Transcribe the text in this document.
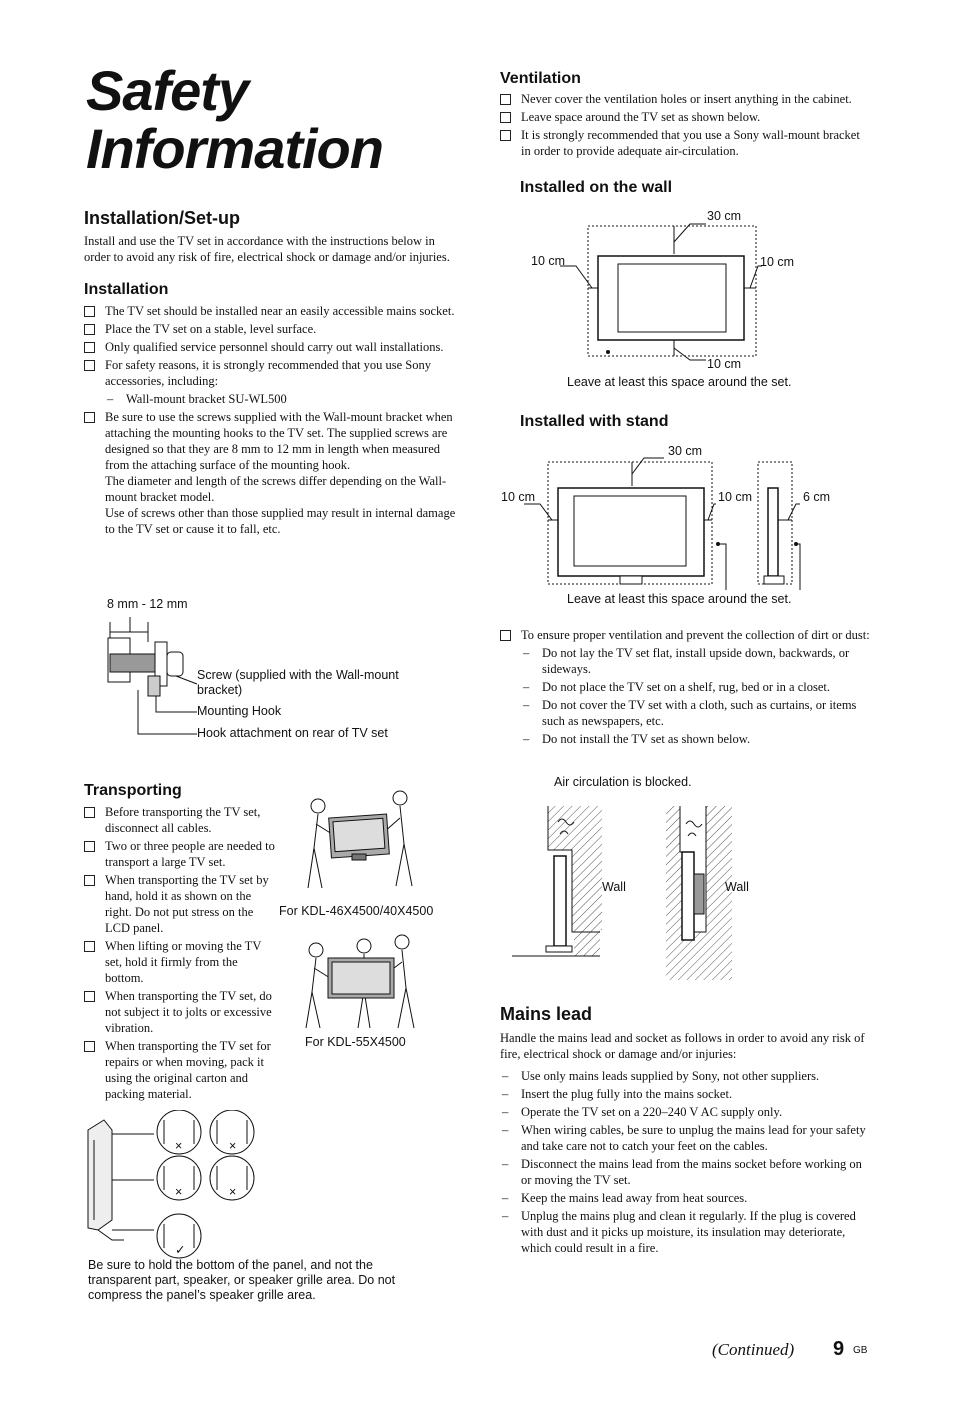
Safety Information
Installation/Set-up

Install and use the TV set in accordance with the instructions below in order to avoid any risk of fire, electrical shock or damage and/or injuries.

Installation
The TV set should be installed near an easily accessible mains socket.
Place the TV set on a stable, level surface.
Only qualified service personnel should carry out wall installations.
For safety reasons, it is strongly recommended that you use Sony accessories, including:
– Wall-mount bracket SU-WL500
Be sure to use the screws supplied with the Wall-mount bracket when attaching the mounting hooks to the TV set. The supplied screws are designed so that they are 8 mm to 12 mm in length when measured from the attaching surface of the mounting hook.
The diameter and length of the screws differ depending on the Wall-mount bracket model.
Use of screws other than those supplied may result in internal damage to the TV set or cause it to fall, etc.
8 mm - 12 mm
Screw (supplied with the Wall-mount bracket)
Mounting Hook
Hook attachment on rear of TV set
Transporting
Before transporting the TV set, disconnect all cables.
Two or three people are needed to transport a large TV set.
When transporting the TV set by hand, hold it as shown on the right. Do not put stress on the LCD panel.
When lifting or moving the TV set, hold it firmly from the bottom.
When transporting the TV set, do not subject it to jolts or excessive vibration.
When transporting the TV set for repairs or when moving, pack it using the original carton and packing material.
For KDL-46X4500/40X4500
For KDL-55X4500
×	×
×	×
✓
Be sure to hold the bottom of the panel, and not the transparent part, speaker, or speaker grille area. Do not compress the panel’s speaker grille area.
Ventilation
Never cover the ventilation holes or insert anything in the cabinet.
Leave space around the TV set as shown below.
It is strongly recommended that you use a Sony wall-mount bracket in order to provide adequate air-circulation.
Installed on the wall
30 cm
10 cm	10 cm
10 cm
Leave at least this space around the set.
Installed with stand
30 cm
10 cm	10 cm	6 cm
Leave at least this space around the set.
To ensure proper ventilation and prevent the collection of dirt or dust:
– Do not lay the TV set flat, install upside down, backwards, or sideways.
– Do not place the TV set on a shelf, rug, bed or in a closet.
– Do not cover the TV set with a cloth, such as curtains, or items such as newspapers, etc.
– Do not install the TV set as shown below.
Air circulation is blocked.
Wall	Wall
Mains lead

Handle the mains lead and socket as follows in order to avoid any risk of fire, electrical shock or damage and/or injuries:

– Use only mains leads supplied by Sony, not other suppliers.
– Insert the plug fully into the mains socket.
– Operate the TV set on a 220–240 V AC supply only.
– When wiring cables, be sure to unplug the mains lead for your safety and take care not to catch your feet on the cables.
– Disconnect the mains lead from the mains socket before working on or moving the TV set.
– Keep the mains lead away from heat sources.
– Unplug the mains plug and clean it regularly. If the plug is covered with dust and it picks up moisture, its insulation may deteriorate, which could result in a fire.
(Continued) 9 GB
